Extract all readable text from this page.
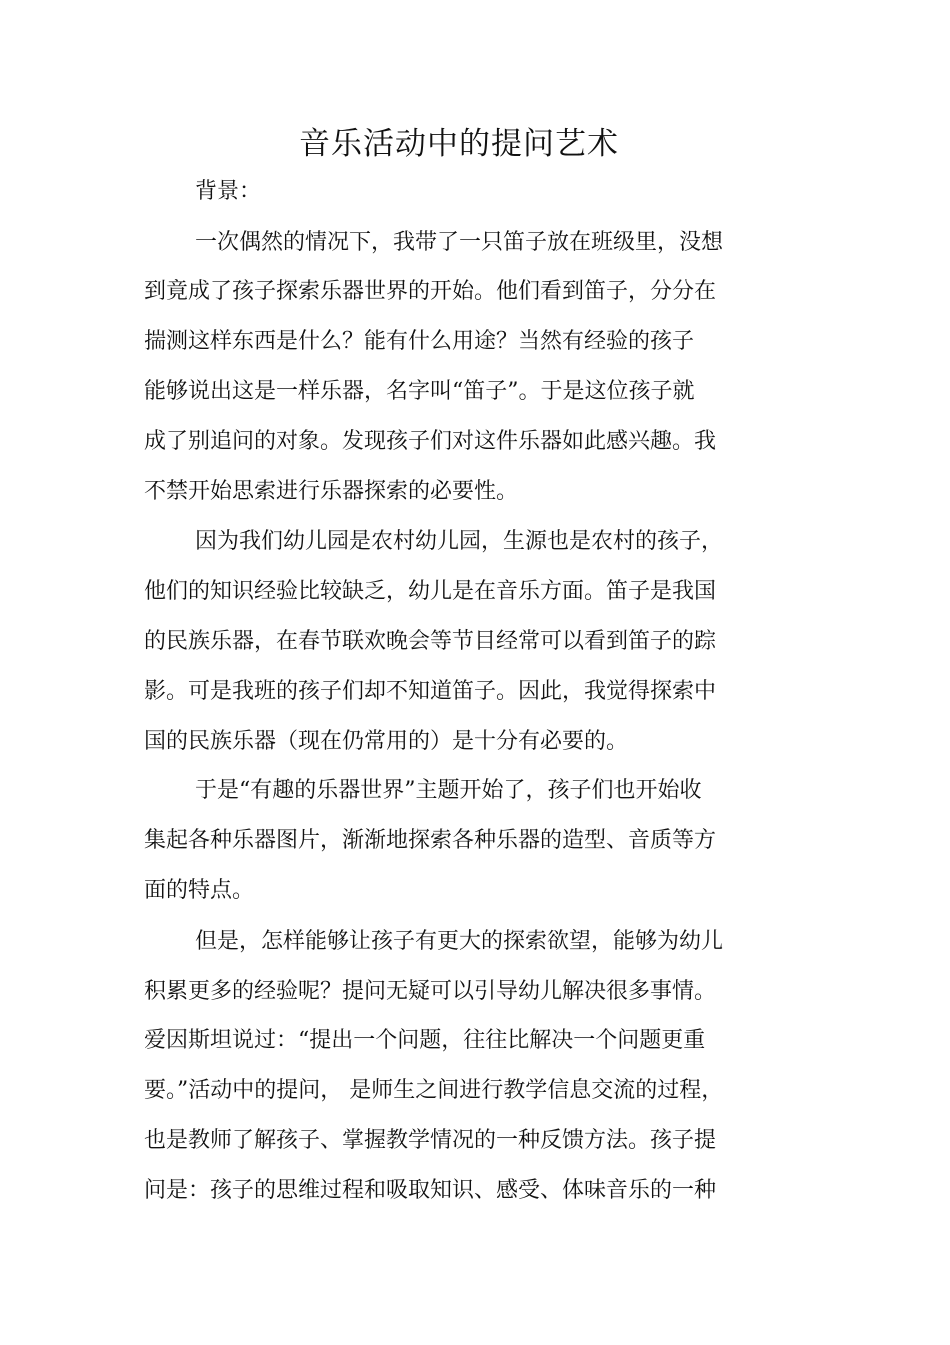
音乐活动中的提问艺术

背景：

一次偶然的情况下，我带了一只笛子放在班级里，没想

到竟成了孩子探索乐器世界的开始。他们看到笛子，分分在

揣测这样东西是什么？能有什么用途？当然有经验的孩子

能够说出这是一样乐器，名字叫“笛子”。于是这位孩子就

成了别追问的对象。发现孩子们对这件乐器如此感兴趣。我

不禁开始思索进行乐器探索的必要性。

因为我们幼儿园是农村幼儿园，生源也是农村的孩子，

他们的知识经验比较缺乏，幼儿是在音乐方面。笛子是我国

的民族乐器，在春节联欢晚会等节目经常可以看到笛子的踪

影。可是我班的孩子们却不知道笛子。因此，我觉得探索中

国的民族乐器（现在仍常用的）是十分有必要的。

于是“有趣的乐器世界”主题开始了，孩子们也开始收

集起各种乐器图片，渐渐地探索各种乐器的造型、音质等方

面的特点。

但是，怎样能够让孩子有更大的探索欲望，能够为幼儿

积累更多的经验呢？提问无疑可以引导幼儿解决很多事情。

爱因斯坦说过：“提出一个问题，往往比解决一个问题更重

要。”活动中的提问， 是师生之间进行教学信息交流的过程，

也是教师了解孩子、掌握教学情况的一种反馈方法。孩子提

问是：孩子的思维过程和吸取知识、感受、体味音乐的一种
